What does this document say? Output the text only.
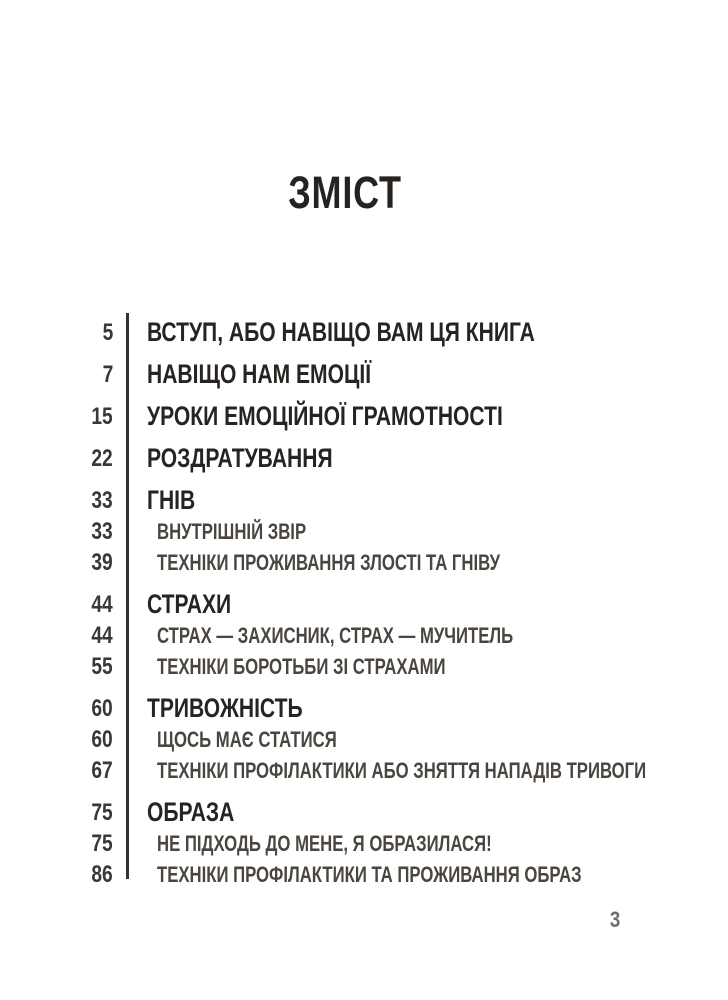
ЗМІСТ
5	ВСТУП, АБО НАВІЩО ВАМ ЦЯ КНИГА
7	НАВІЩО НАМ ЕМОЦІЇ
15	УРОКИ ЕМОЦІЙНОЇ ГРАМОТНОСТІ
22	РОЗДРАТУВАННЯ
33	ГНІВ
33	ВНУТРІШНІЙ ЗВІР
39	ТЕХНІКИ ПРОЖИВАННЯ ЗЛОСТІ ТА ГНІВУ
44	СТРАХИ
44	СТРАХ — ЗАХИСНИК, СТРАХ — МУЧИТЕЛЬ
55	ТЕХНІКИ БОРОТЬБИ ЗІ СТРАХАМИ
60	ТРИВОЖНІСТЬ
60	ЩОСЬ МАЄ СТАТИСЯ
67	ТЕХНІКИ ПРОФІЛАКТИКИ АБО ЗНЯТТЯ НАПАДІВ ТРИВОГИ
75	ОБРАЗА
75	НЕ ПІДХОДЬ ДО МЕНЕ, Я ОБРАЗИЛАСЯ!
86	ТЕХНІКИ ПРОФІЛАКТИКИ ТА ПРОЖИВАННЯ ОБРАЗ
3
